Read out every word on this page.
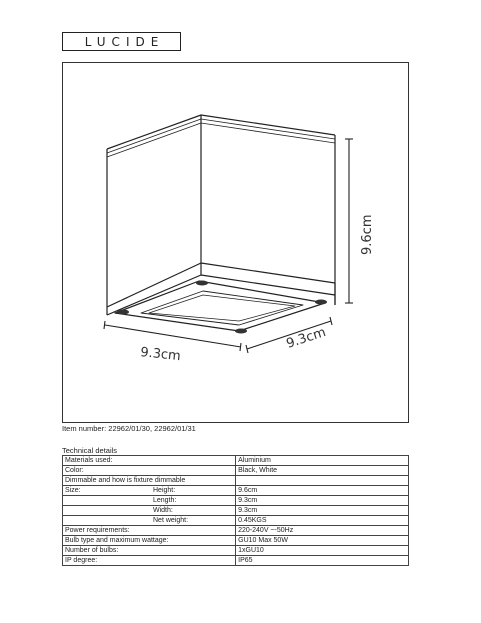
LUCIDE
9.6cm
9.3cm
9.3cm
Item number: 22962/01/30, 22962/01/31
Technical details
Materials used:	Aluminium
Color:	Black, White
Dimmable and how is fixture dimmable	

Size: Height:	9.6cm

Length:	9.3cm

Width:	9.3cm

Net weight:	0.45KGS
Power requirements:	220-240V ~-50Hz
Bulb type and maximum wattage:	GU10 Max 50W
Number of bulbs:	1xGU10
IP degree:	IP65
